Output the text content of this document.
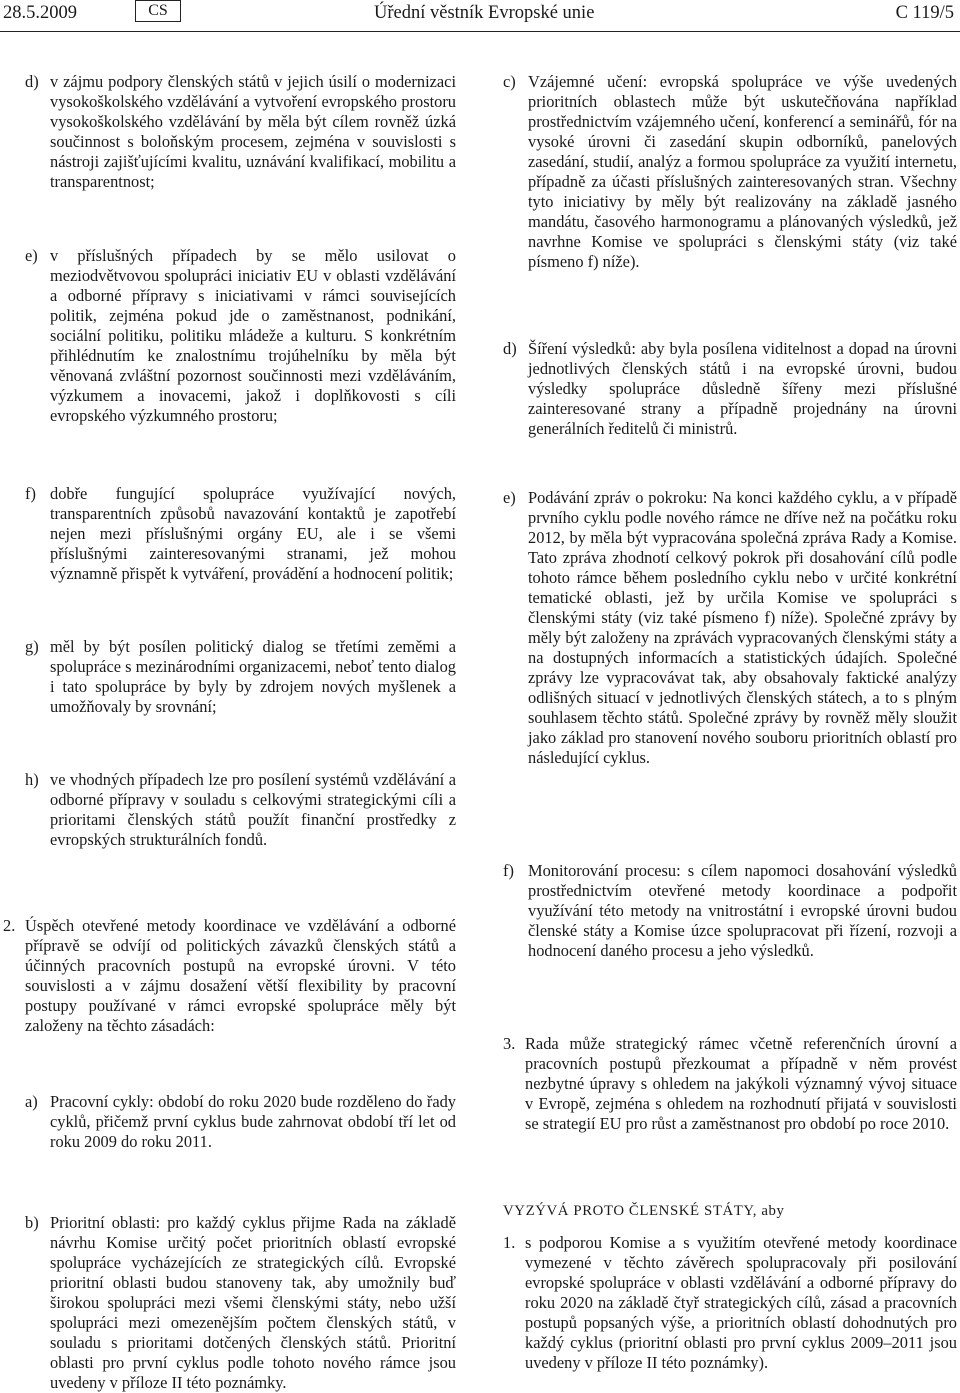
28.5.2009	CS	Úřední věstník Evropské unie	C 119/5
d) v zájmu podpory členských států v jejich úsilí o modernizaci vysokoškolského vzdělávání a vytvoření evropského prostoru vysokoškolského vzdělávání by měla být cílem rovněž úzká součinnost s boloňským procesem, zejména v souvislosti s nástroji zajišťujícími kvalitu, uznávání kvalifikací, mobilitu a transparentnost;
e) v příslušných případech by se mělo usilovat o meziodvětvovou spolupráci iniciativ EU v oblasti vzdělávání a odborné přípravy s iniciativami v rámci souvisejících politik, zejména pokud jde o zaměstnanost, podnikání, sociální politiku, politiku mládeže a kulturu. S konkrétním přihlédnutím ke znalostnímu trojúhelníku by měla být věnovaná zvláštní pozornost součinnosti mezi vzděláváním, výzkumem a inovacemi, jakož i doplňkovosti s cíli evropského výzkumného prostoru;
f) dobře fungující spolupráce využívající nových, transparentních způsobů navazování kontaktů je zapotřebí nejen mezi příslušnými orgány EU, ale i se všemi příslušnými zainteresovanými stranami, jež mohou významně přispět k vytváření, provádění a hodnocení politik;
g) měl by být posílen politický dialog se třetími zeměmi a spolupráce s mezinárodními organizacemi, neboť tento dialog i tato spolupráce by byly by zdrojem nových myšlenek a umožňovaly by srovnání;
h) ve vhodných případech lze pro posílení systémů vzdělávání a odborné přípravy v souladu s celkovými strategickými cíli a prioritami členských států použít finanční prostředky z evropských strukturálních fondů.
2. Úspěch otevřené metody koordinace ve vzdělávání a odborné přípravě se odvíjí od politických závazků členských států a účinných pracovních postupů na evropské úrovni. V této souvislosti a v zájmu dosažení větší flexibility by pracovní postupy používané v rámci evropské spolupráce měly být založeny na těchto zásadách:
a) Pracovní cykly: období do roku 2020 bude rozděleno do řady cyklů, přičemž první cyklus bude zahrnovat období tří let od roku 2009 do roku 2011.
b) Prioritní oblasti: pro každý cyklus přijme Rada na základě návrhu Komise určitý počet prioritních oblastí evropské spolupráce vycházejících ze strategických cílů. Evropské prioritní oblasti budou stanoveny tak, aby umožnily buď širokou spolupráci mezi všemi členskými státy, nebo užší spolupráci mezi omezenějším počtem členských států, v souladu s prioritami dotčených členských států. Prioritní oblasti pro první cyklus podle tohoto nového rámce jsou uvedeny v příloze II této poznámky.
c) Vzájemné učení: evropská spolupráce ve výše uvedených prioritních oblastech může být uskutečňována například prostřednictvím vzájemného učení, konferencí a seminářů, fór na vysoké úrovni či zasedání skupin odborníků, panelových zasedání, studií, analýz a formou spolupráce za využití internetu, případně za účasti příslušných zainteresovaných stran. Všechny tyto iniciativy by měly být realizovány na základě jasného mandátu, časového harmonogramu a plánovaných výsledků, jež navrhne Komise ve spolupráci s členskými státy (viz také písmeno f) níže).
d) Šíření výsledků: aby byla posílena viditelnost a dopad na úrovni jednotlivých členských států i na evropské úrovni, budou výsledky spolupráce důsledně šířeny mezi příslušné zainteresované strany a případně projednány na úrovni generálních ředitelů či ministrů.
e) Podávání zpráv o pokroku: Na konci každého cyklu, a v případě prvního cyklu podle nového rámce ne dříve než na počátku roku 2012, by měla být vypracována společná zpráva Rady a Komise. Tato zpráva zhodnotí celkový pokrok při dosahování cílů podle tohoto rámce během posledního cyklu nebo v určité konkrétní tematické oblasti, jež by určila Komise ve spolupráci s členskými státy (viz také písmeno f) níže). Společné zprávy by měly být založeny na zprávách vypracovaných členskými státy a na dostupných informacích a statistických údajích. Společné zprávy lze vypracovávat tak, aby obsahovaly faktické analýzy odlišných situací v jednotlivých členských státech, a to s plným souhlasem těchto států. Společné zprávy by rovněž měly sloužit jako základ pro stanovení nového souboru prioritních oblastí pro následující cyklus.
f) Monitorování procesu: s cílem napomoci dosahování výsledků prostřednictvím otevřené metody koordinace a podpořit využívání této metody na vnitrostátní i evropské úrovni budou členské státy a Komise úzce spolupracovat při řízení, rozvoji a hodnocení daného procesu a jeho výsledků.
3. Rada může strategický rámec včetně referenčních úrovní a pracovních postupů přezkoumat a případně v něm provést nezbytné úpravy s ohledem na jakýkoli významný vývoj situace v Evropě, zejména s ohledem na rozhodnutí přijatá v souvislosti se strategií EU pro růst a zaměstnanost pro období po roce 2010.
VYZÝVÁ PROTO ČLENSKÉ STÁTY, aby
1. s podporou Komise a s využitím otevřené metody koordinace vymezené v těchto závěrech spolupracovaly při posilování evropské spolupráce v oblasti vzdělávání a odborné přípravy do roku 2020 na základě čtyř strategických cílů, zásad a pracovních postupů popsaných výše, a prioritních oblastí dohodnutých pro každý cyklus (prioritní oblasti pro první cyklus 2009–2011 jsou uvedeny v příloze II této poznámky).
